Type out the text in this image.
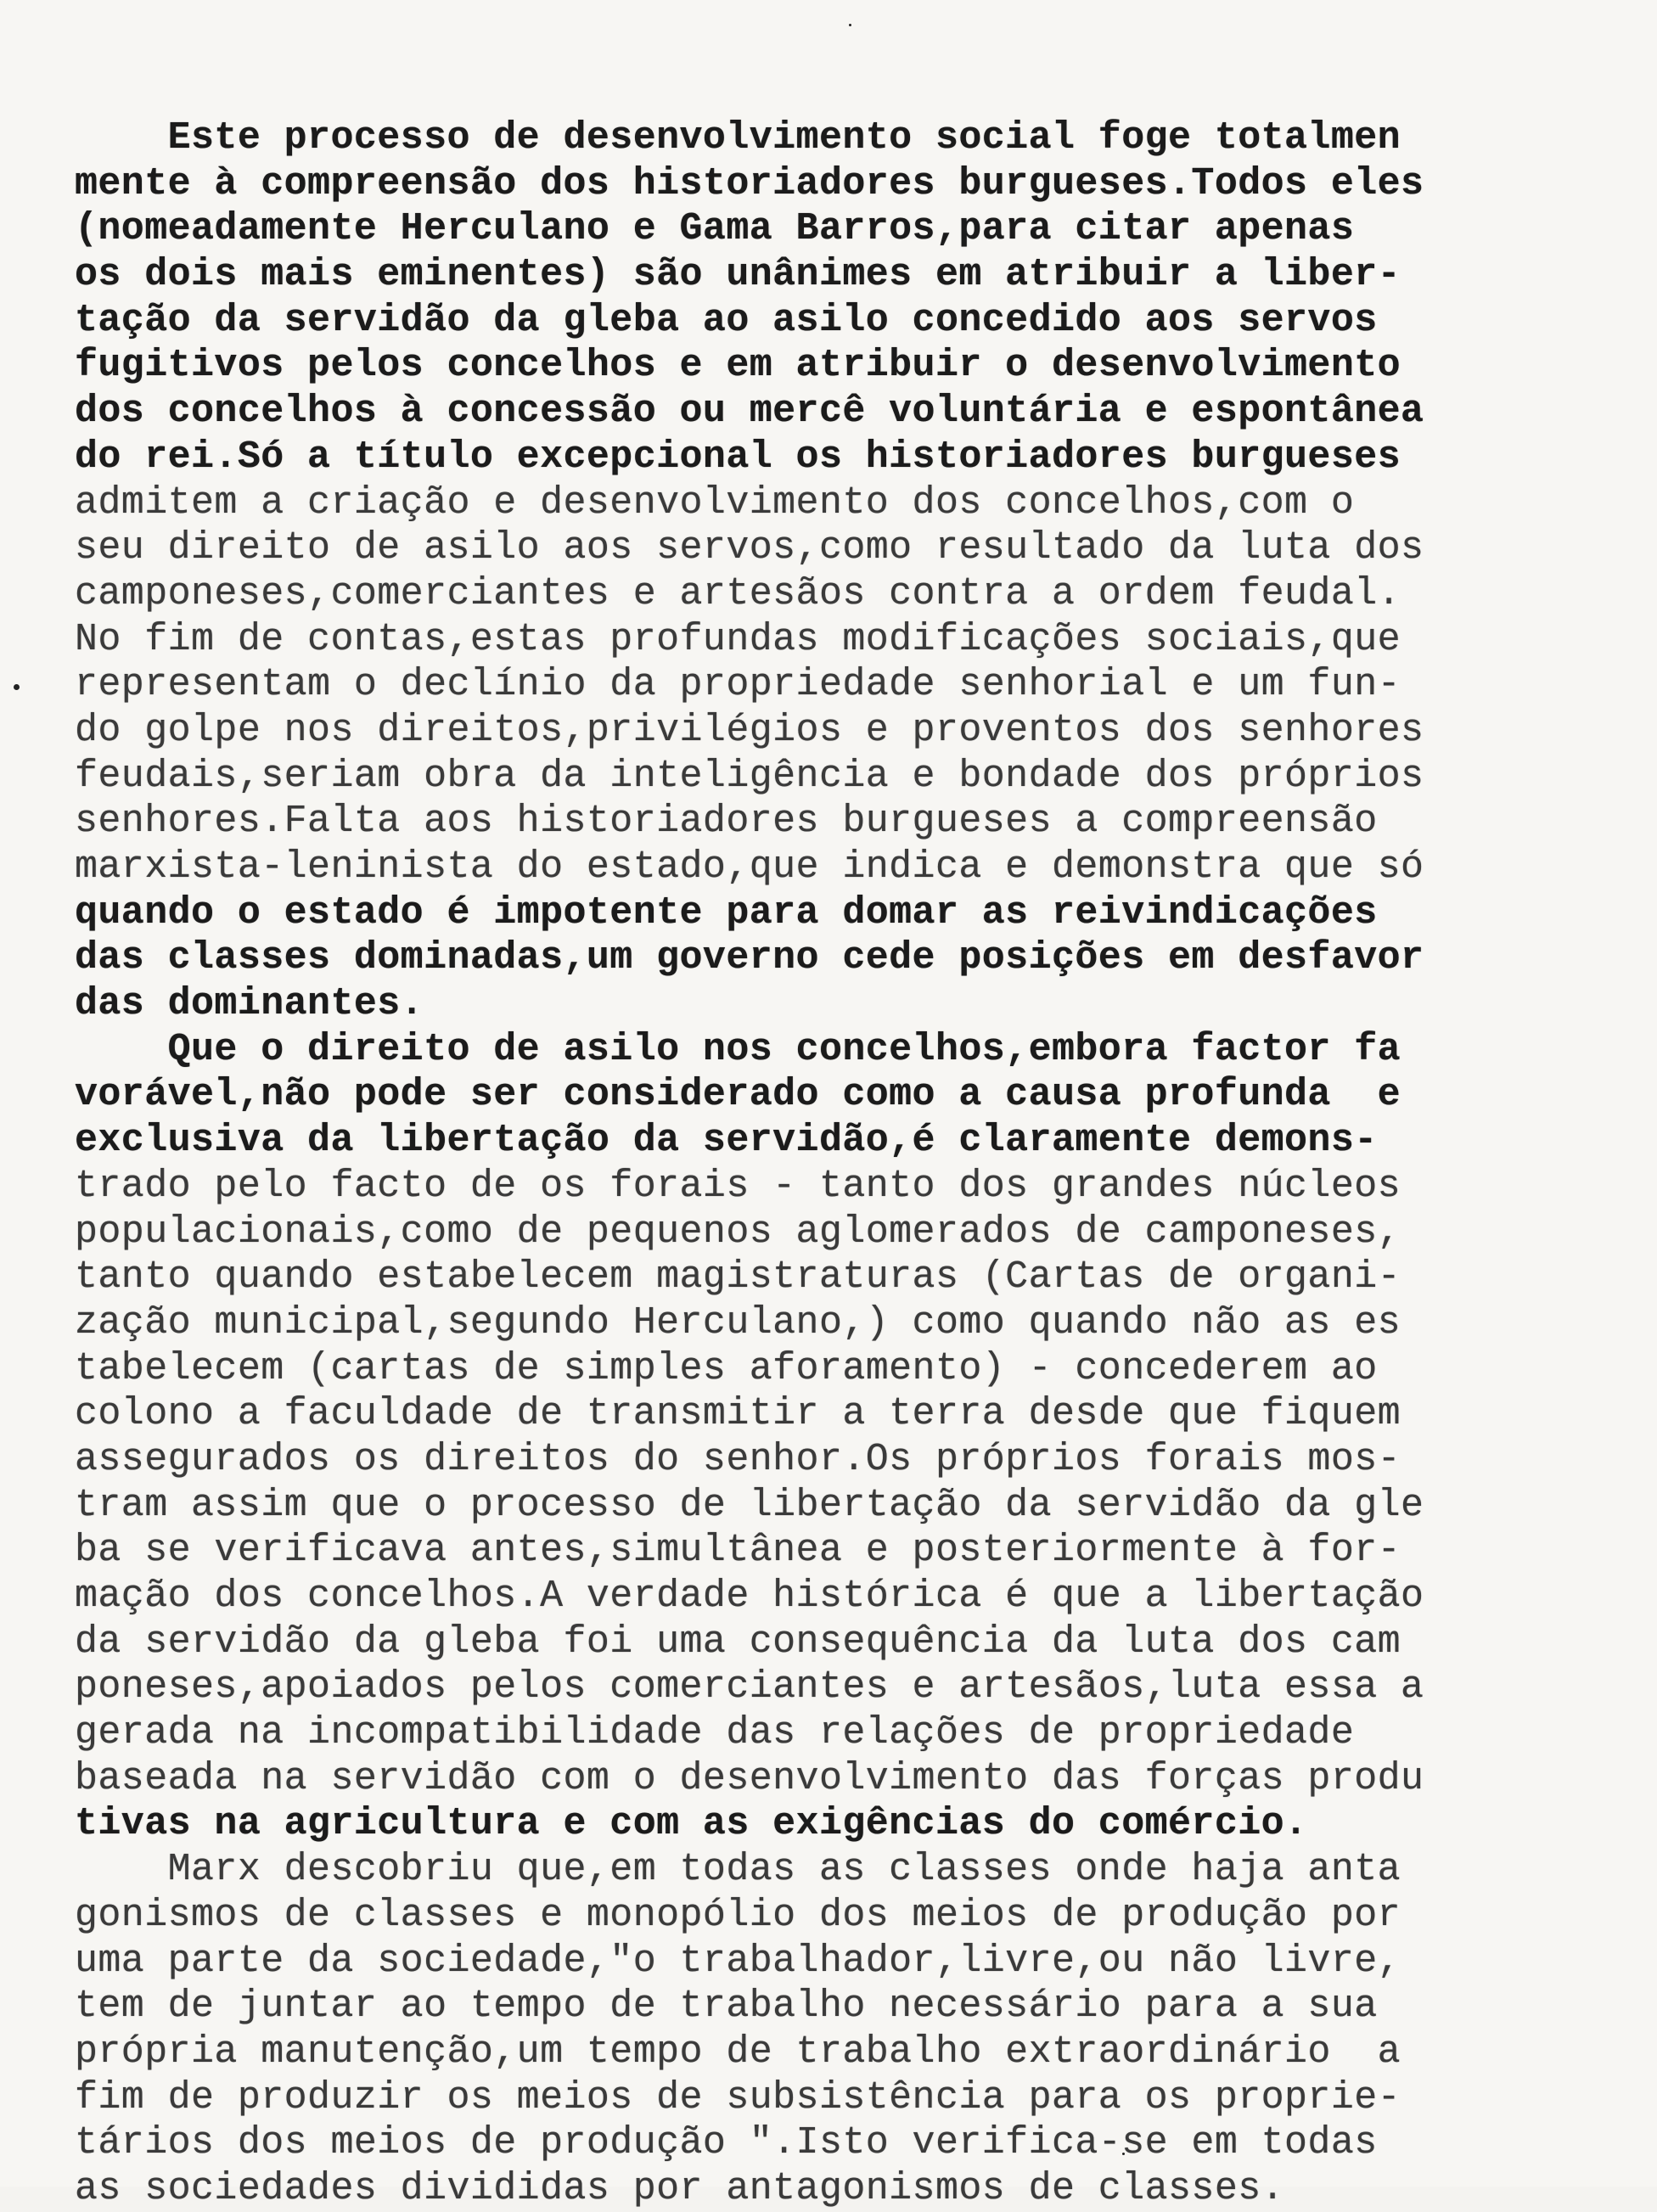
Este processo de desenvolvimento social foge totalmen
mente à compreensão dos historiadores burgueses.Todos eles
(nomeadamente Herculano e Gama Barros,para citar apenas
os dois mais eminentes) são unânimes em atribuir a liber-
tação da servidão da gleba ao asilo concedido aos servos
fugitivos pelos concelhos e em atribuir o desenvolvimento
dos concelhos à concessão ou mercê voluntária e espontânea
do rei.Só a título excepcional os historiadores burgueses
admitem a criação e desenvolvimento dos concelhos,com o
seu direito de asilo aos servos,como resultado da luta dos
camponeses,comerciantes e artesãos contra a ordem feudal.
No fim de contas,estas profundas modificações sociais,que
representam o declínio da propriedade senhorial e um fun-
do golpe nos direitos,privilégios e proventos dos senhores
feudais,seriam obra da inteligência e bondade dos próprios
senhores.Falta aos historiadores burgueses a compreensão
marxista-leninista do estado,que indica e demonstra que só
quando o estado é impotente para domar as reivindicações
das classes dominadas,um governo cede posições em desfavor
das dominantes.
Que o direito de asilo nos concelhos,embora factor fa
vorável,não pode ser considerado como a causa profunda  e
exclusiva da libertação da servidão,é claramente demons-
trado pelo facto de os forais - tanto dos grandes núcleos
populacionais,como de pequenos aglomerados de camponeses,
tanto quando estabelecem magistraturas (Cartas de organi-
zação municipal,segundo Herculano,) como quando não as es
tabelecem (cartas de simples aforamento) - concederem ao
colono a faculdade de transmitir a terra desde que fiquem
assegurados os direitos do senhor.Os próprios forais mos-
tram assim que o processo de libertação da servidão da gle
ba se verificava antes,simultânea e posteriormente à for-
mação dos concelhos.A verdade histórica é que a libertação
da servidão da gleba foi uma consequência da luta dos cam
poneses,apoiados pelos comerciantes e artesãos,luta essa a
gerada na incompatibilidade das relações de propriedade
baseada na servidão com o desenvolvimento das forças produ
tivas na agricultura e com as exigências do comércio.
Marx descobriu que,em todas as classes onde haja anta
gonismos de classes e monopólio dos meios de produção por
uma parte da sociedade,"o trabalhador,livre,ou não livre,
tem de juntar ao tempo de trabalho necessário para a sua
própria manutenção,um tempo de trabalho extraordinário  a
fim de produzir os meios de subsistência para os proprie-
tários dos meios de produção ".Isto verifica-se em todas
as sociedades divididas por antagonismos de classes.
